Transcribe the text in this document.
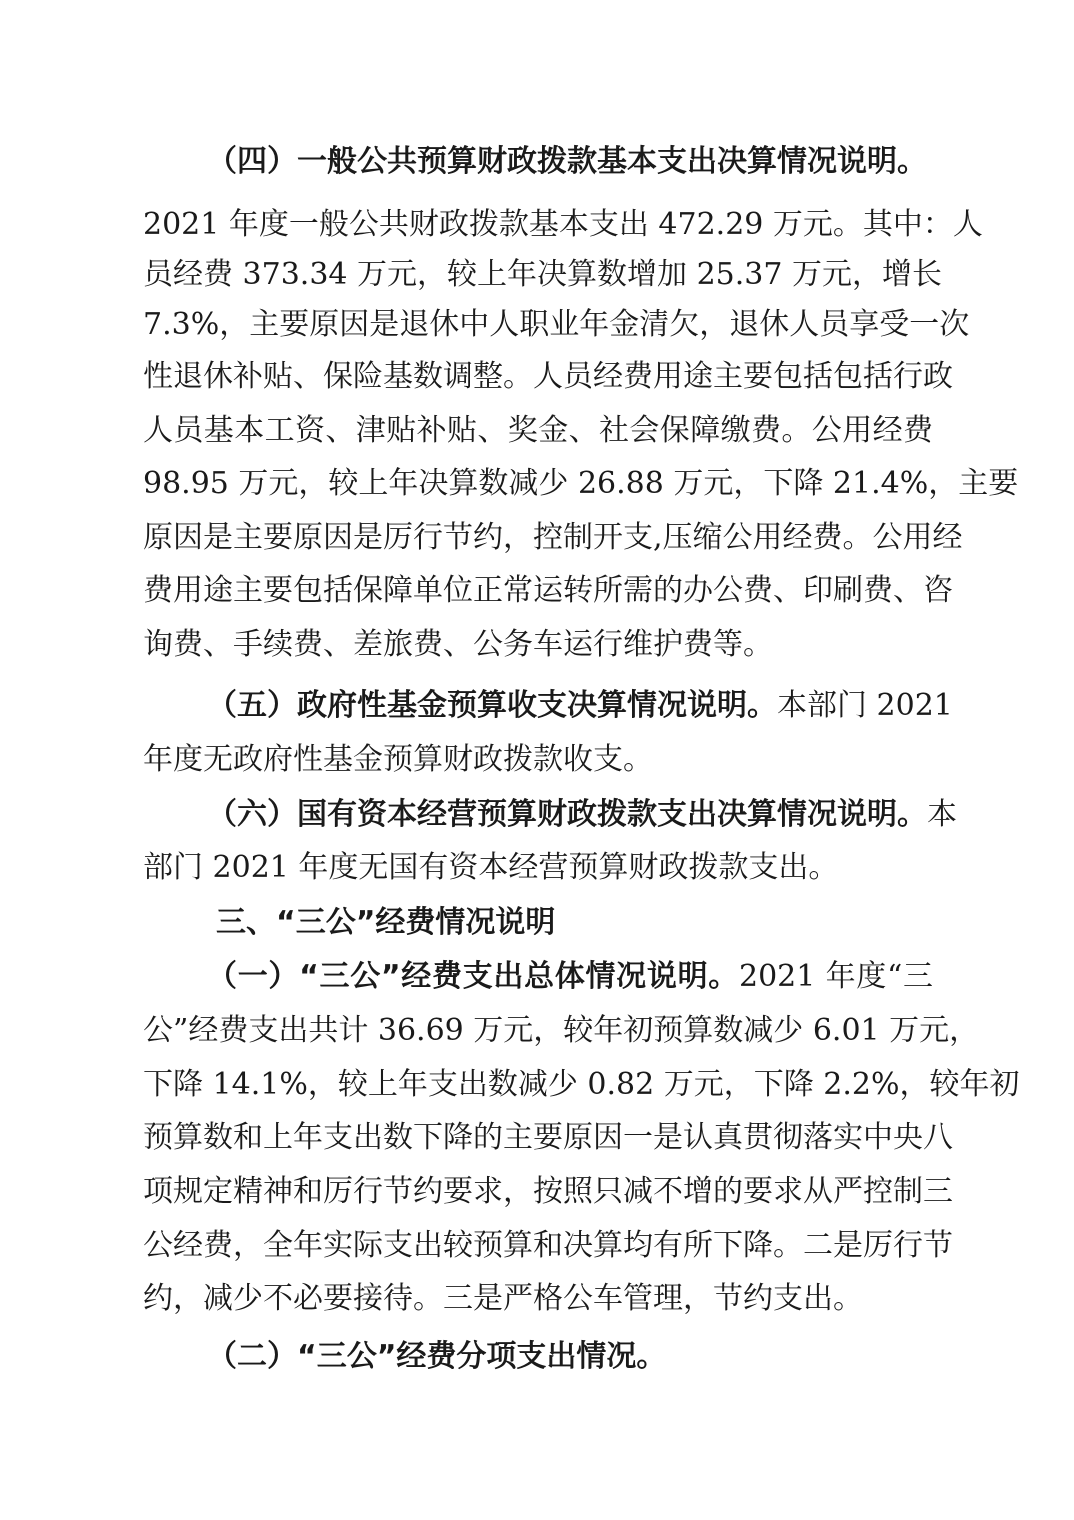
（四）一般公共预算财政拨款基本支出决算情况说明。
2021 年度一般公共财政拨款基本支出 472.29 万元。其中：人
员经费 373.34 万元，较上年决算数增加 25.37 万元，增长
7.3%，主要原因是退休中人职业年金清欠，退休人员享受一次
性退休补贴、保险基数调整。人员经费用途主要包括包括行政
人员基本工资、津贴补贴、奖金、社会保障缴费。公用经费
98.95 万元，较上年决算数减少 26.88 万元，下降 21.4%，主要
原因是主要原因是厉行节约，控制开支,压缩公用经费。公用经
费用途主要包括保障单位正常运转所需的办公费、印刷费、咨
询费、手续费、差旅费、公务车运行维护费等。
（五）政府性基金预算收支决算情况说明。本部门 2021
年度无政府性基金预算财政拨款收支。
（六）国有资本经营预算财政拨款支出决算情况说明。本
部门 2021 年度无国有资本经营预算财政拨款支出。
三、“三公”经费情况说明
（一）“三公”经费支出总体情况说明。2021 年度“三
公”经费支出共计 36.69 万元，较年初预算数减少 6.01 万元，
下降 14.1%，较上年支出数减少 0.82 万元，下降 2.2%，较年初
预算数和上年支出数下降的主要原因一是认真贯彻落实中央八
项规定精神和厉行节约要求，按照只减不增的要求从严控制三
公经费，全年实际支出较预算和决算均有所下降。二是厉行节
约，减少不必要接待。三是严格公车管理，节约支出。
（二）“三公”经费分项支出情况。
